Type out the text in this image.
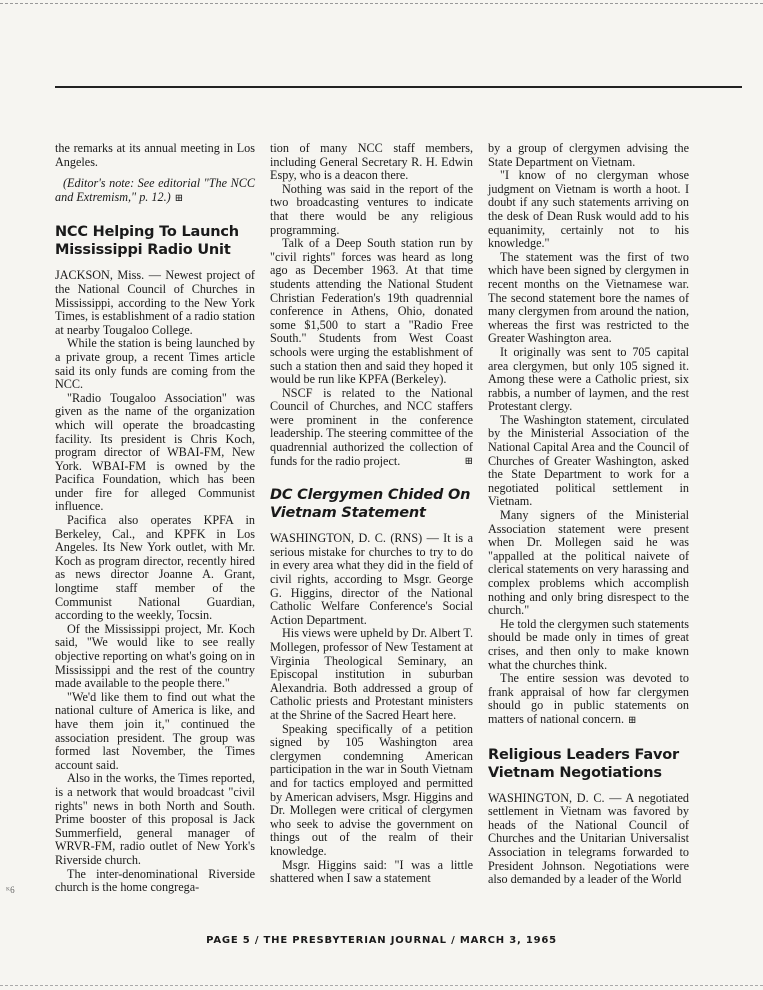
the remarks at its annual meeting in Los Angeles.

(Editor's note: See editorial "The NCC and Extremism," p. 12.) ⊞

NCC Helping To Launch Mississippi Radio Unit

JACKSON, Miss. — Newest project of the National Council of Churches in Mississippi, according to the New York Times, is establishment of a radio station at nearby Tougaloo College.

While the station is being launched by a private group, a recent Times article said its only funds are coming from the NCC.

"Radio Tougaloo Association" was given as the name of the organization which will operate the broadcasting facility. Its president is Chris Koch, program director of WBAI-FM, New York. WBAI-FM is owned by the Pacifica Foundation, which has been under fire for alleged Communist influence.

Pacifica also operates KPFA in Berkeley, Cal., and KPFK in Los Angeles. Its New York outlet, with Mr. Koch as program director, recently hired as news director Joanne A. Grant, longtime staff member of the Communist National Guardian, according to the weekly, Tocsin.

Of the Mississippi project, Mr. Koch said, "We would like to see really objective reporting on what's going on in Mississippi and the rest of the country made available to the people there."

"We'd like them to find out what the national culture of America is like, and have them join it," continued the association president. The group was formed last November, the Times account said.

Also in the works, the Times reported, is a network that would broadcast "civil rights" news in both North and South. Prime booster of this proposal is Jack Summerfield, general manager of WRVR-FM, radio outlet of New York's Riverside church.

The inter-denominational Riverside church is the home congrega-

tion of many NCC staff members, including General Secretary R. H. Edwin Espy, who is a deacon there.

Nothing was said in the report of the two broadcasting ventures to indicate that there would be any religious programming.

Talk of a Deep South station run by "civil rights" forces was heard as long ago as December 1963. At that time students attending the National Student Christian Federation's 19th quadrennial conference in Athens, Ohio, donated some $1,500 to start a "Radio Free South." Students from West Coast schools were urging the establishment of such a station then and said they hoped it would be run like KPFA (Berkeley).

NSCF is related to the National Council of Churches, and NCC staffers were prominent in the conference leadership. The steering committee of the quadrennial authorized the collection of funds for the radio project.	⊞

DC Clergymen Chided On Vietnam Statement

WASHINGTON, D. C. (RNS) — It is a serious mistake for churches to try to do in every area what they did in the field of civil rights, according to Msgr. George G. Higgins, director of the National Catholic Welfare Conference's Social Action Department.

His views were upheld by Dr. Albert T. Mollegen, professor of New Testament at Virginia Theological Seminary, an Episcopal institution in suburban Alexandria. Both addressed a group of Catholic priests and Protestant ministers at the Shrine of the Sacred Heart here.

Speaking specifically of a petition signed by 105 Washington area clergymen condemning American participation in the war in South Vietnam and for tactics employed and permitted by American advisers, Msgr. Higgins and Dr. Mollegen were critical of clergymen who seek to advise the government on things out of the realm of their knowledge.

Msgr. Higgins said: "I was a little shattered when I saw a statement

by a group of clergymen advising the State Department on Vietnam.

"I know of no clergyman whose judgment on Vietnam is worth a hoot. I doubt if any such statements arriving on the desk of Dean Rusk would add to his equanimity, certainly not to his knowledge."

The statement was the first of two which have been signed by clergymen in recent months on the Vietnamese war. The second statement bore the names of many clergymen from around the nation, whereas the first was restricted to the Greater Washington area.

It originally was sent to 705 capital area clergymen, but only 105 signed it. Among these were a Catholic priest, six rabbis, a number of laymen, and the rest Protestant clergy.

The Washington statement, circulated by the Ministerial Association of the National Capital Area and the Council of Churches of Greater Washington, asked the State Department to work for a negotiated political settlement in Vietnam.

Many signers of the Ministerial Association statement were present when Dr. Mollegen said he was "appalled at the political naivete of clerical statements on very harassing and complex problems which accomplish nothing and only bring disrespect to the church."

He told the clergymen such statements should be made only in times of great crises, and then only to make known what the churches think.

The entire session was devoted to frank appraisal of how far clergymen should go in public statements on matters of national concern. ⊞

Religious Leaders Favor Vietnam Negotiations

WASHINGTON, D. C. — A negotiated settlement in Vietnam was favored by heads of the National Council of Churches and the Unitarian Universalist Association in telegrams forwarded to President Johnson. Negotiations were also demanded by a leader of the World

ᴷ6
PAGE 5 / THE PRESBYTERIAN JOURNAL / MARCH 3, 1965
